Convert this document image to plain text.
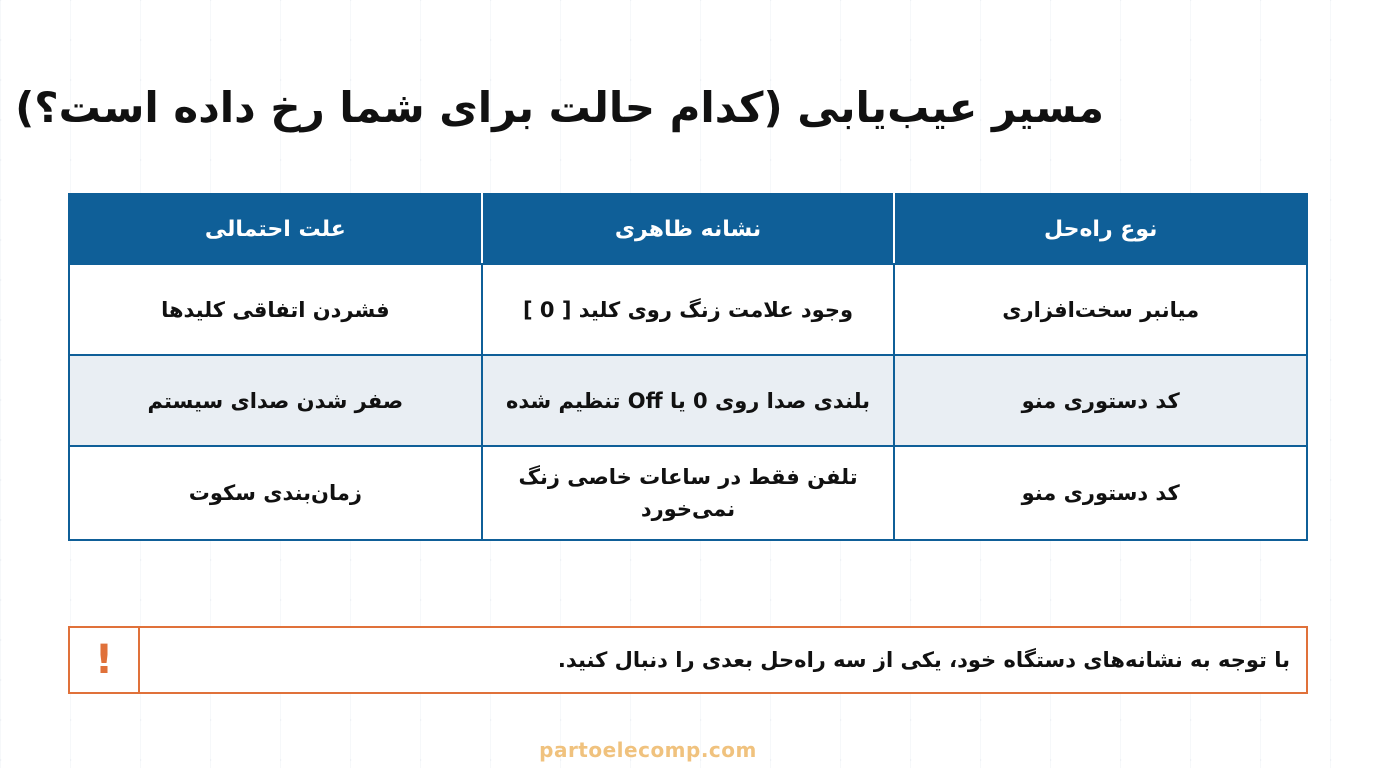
مسیر عیب‌یابی (کدام حالت برای شما رخ داده است؟)
نوع راه‌حل	نشانه ظاهری	علت احتمالی
میانبر سخت‌افزاری	وجود علامت زنگ روی کلید [ 0 ]	فشردن اتفاقی کلیدها
کد دستوری منو	بلندی صدا روی 0 یا Off تنظیم شده	صفر شدن صدای سیستم
کد دستوری منو	تلفن فقط در ساعات خاصی زنگ نمی‌خورد	زمان‌بندی سکوت
با توجه به نشانه‌های دستگاه خود، یکی از سه راه‌حل بعدی را دنبال کنید.
!
partoelecomp.com
